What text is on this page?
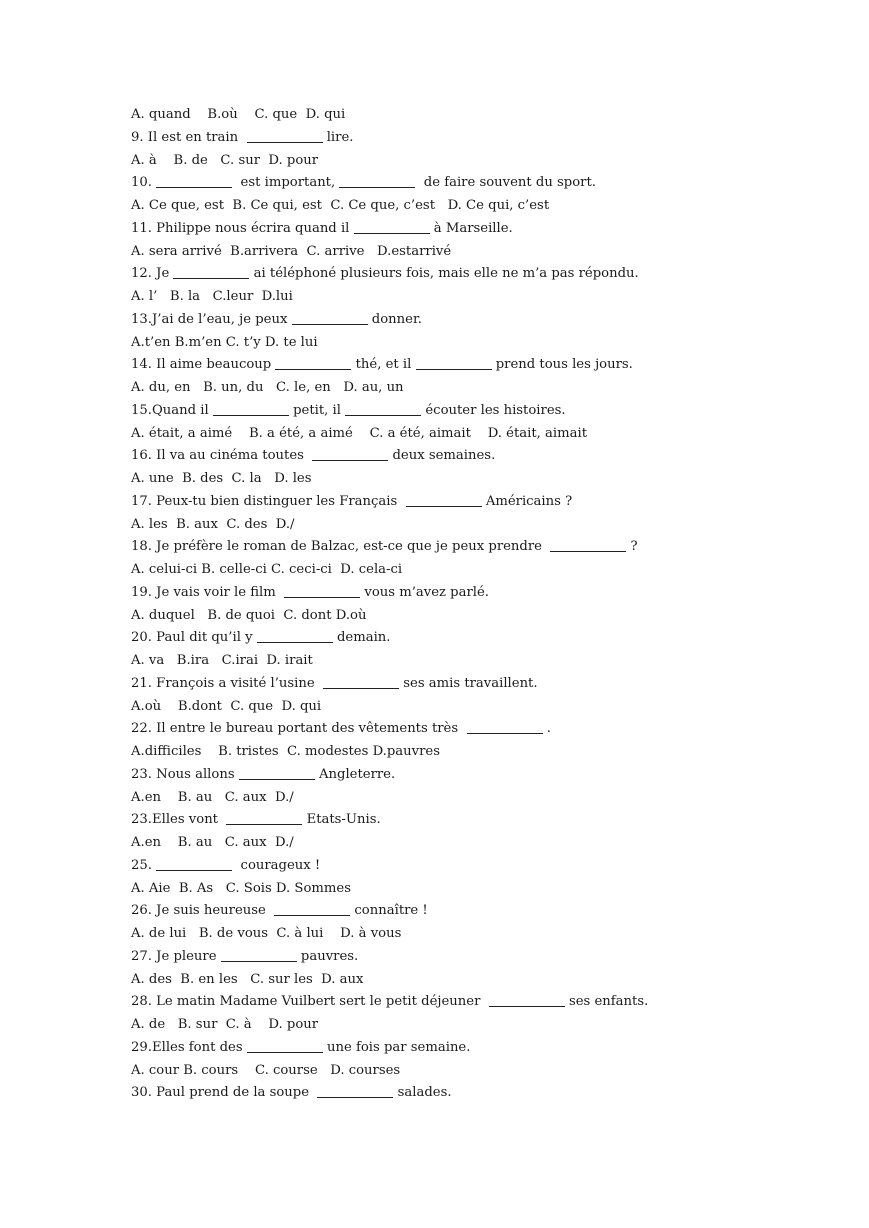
A. quand    B.où    C. que  D. qui
9. Il est en train	lire.
A. à    B. de   C. sur  D. pour
10.	est important,	de faire souvent du sport.
A. Ce que, est  B. Ce qui, est  C. Ce que, c’est   D. Ce qui, c’est
11. Philippe nous écrira quand il	à Marseille.
A. sera arrivé  B.arrivera  C. arrive   D.estarrivé
12. Je	ai téléphoné plusieurs fois, mais elle ne m’a pas répondu.
A. l’   B. la   C.leur  D.lui
13.J’ai de l’eau, je peux	donner.
A.t’en B.m’en C. t’y D. te lui
14. Il aime beaucoup	thé, et il	prend tous les jours.
A. du, en   B. un, du   C. le, en   D. au, un
15.Quand il	petit, il	écouter les histoires.
A. était, a aimé    B. a été, a aimé    C. a été, aimait    D. était, aimait
16. Il va au cinéma toutes	deux semaines.
A. une  B. des  C. la   D. les
17. Peux-tu bien distinguer les Français	Américains ?
A. les  B. aux  C. des  D./
18. Je préfère le roman de Balzac, est-ce que je peux prendre	?
A. celui-ci B. celle-ci C. ceci-ci  D. cela-ci
19. Je vais voir le film	vous m’avez parlé.
A. duquel   B. de quoi  C. dont D.où
20. Paul dit qu’il y	demain.
A. va   B.ira   C.irai  D. irait
21. François a visité l’usine	ses amis travaillent.
A.où    B.dont  C. que  D. qui
22. Il entre le bureau portant des vêtements très	.
A.difficiles    B. tristes  C. modestes D.pauvres
23. Nous allons	Angleterre.
A.en    B. au   C. aux  D./
23.Elles vont	Etats-Unis.
A.en    B. au   C. aux  D./
25.	courageux !
A. Aie  B. As   C. Sois D. Sommes
26. Je suis heureuse	connaître !
A. de lui   B. de vous  C. à lui    D. à vous
27. Je pleure	pauvres.
A. des  B. en les   C. sur les  D. aux
28. Le matin Madame Vuilbert sert le petit déjeuner	ses enfants.
A. de   B. sur  C. à    D. pour
29.Elles font des	une fois par semaine.
A. cour B. cours    C. course   D. courses
30. Paul prend de la soupe	salades.
